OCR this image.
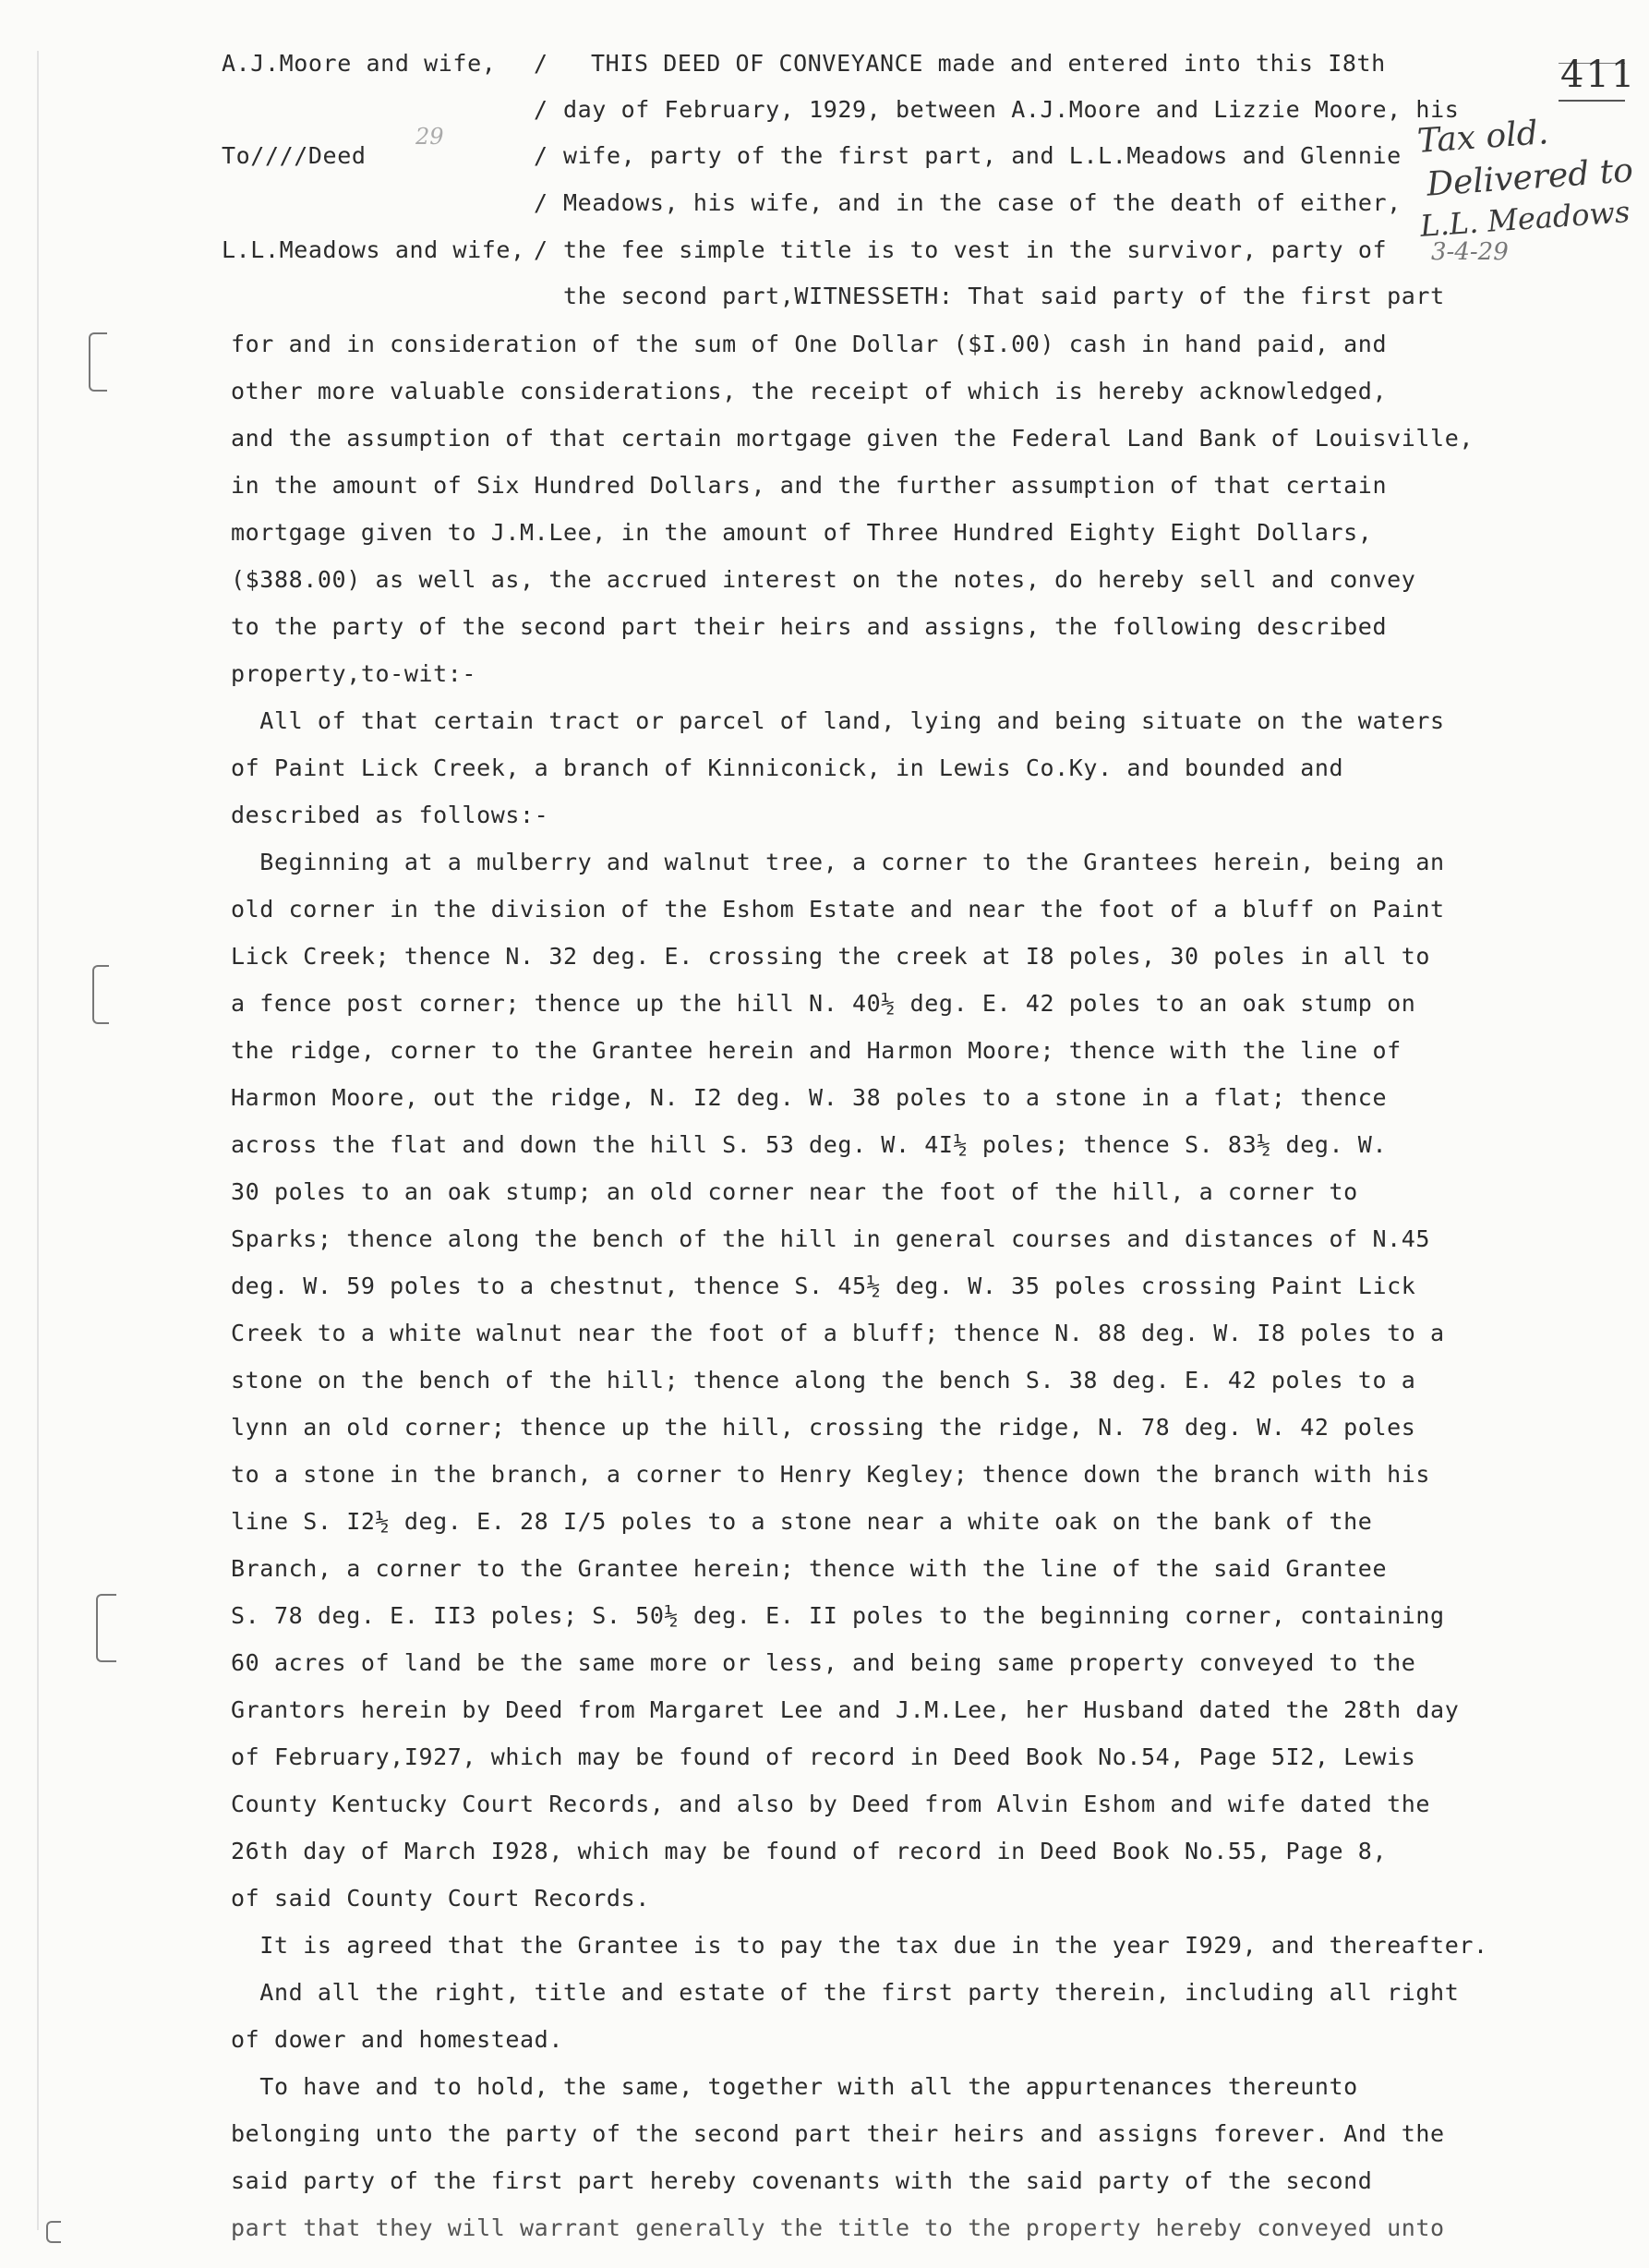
A.J.Moore and wife,
To////Deed
L.L.Meadows and wife,
29
/
/
/
/
/
THIS DEED OF CONVEYANCE made and entered into this I8th
day of February, 1929, between A.J.Moore and Lizzie Moore, his
wife, party of the first part, and L.L.Meadows and Glennie
Meadows, his wife, and in the case of the death of either,
the fee simple title is to vest in the survivor, party of
the second part,WITNESSETH: That said party of the first part
411
Tax old.
Delivered to
L.L. Meadows
3-4-29
for and in consideration of the sum of One Dollar ($I.00) cash in hand paid, and
other more valuable considerations, the receipt of which is hereby acknowledged,
and the assumption of that certain mortgage given the Federal Land Bank of Louisville,
in the amount of Six Hundred Dollars, and the further assumption of that certain
mortgage given to J.M.Lee, in the amount of Three Hundred Eighty Eight Dollars,
($388.00) as well as, the accrued interest on the notes, do hereby sell and convey
to the party of the second part their heirs and assigns, the following described
property,to-wit:-
All of that certain tract or parcel of land, lying and being situate on the waters
of Paint Lick Creek, a branch of Kinniconick, in Lewis Co.Ky. and bounded and
described as follows:-
Beginning at a mulberry and walnut tree, a corner to the Grantees herein, being an
old corner in the division of the Eshom Estate and near the foot of a bluff on Paint
Lick Creek; thence N. 32 deg. E. crossing the creek at I8 poles, 30 poles in all to
a fence post corner; thence up the hill N. 40½ deg. E. 42 poles to an oak stump on
the ridge, corner to the Grantee herein and Harmon Moore; thence with the line of
Harmon Moore, out the ridge, N. I2 deg. W. 38 poles to a stone in a flat; thence
across the flat and down the hill S. 53 deg. W. 4I½ poles; thence S. 83½ deg. W.
30 poles to an oak stump; an old corner near the foot of the hill, a corner to
Sparks; thence along the bench of the hill in general courses and distances of N.45
deg. W. 59 poles to a chestnut, thence S. 45½ deg. W. 35 poles crossing Paint Lick
Creek to a white walnut near the foot of a bluff; thence N. 88 deg. W. I8 poles to a
stone on the bench of the hill; thence along the bench S. 38 deg. E. 42 poles to a
lynn an old corner; thence up the hill, crossing the ridge, N. 78 deg. W. 42 poles
to a stone in the branch, a corner to Henry Kegley; thence down the branch with his
line S. I2½ deg. E. 28 I/5 poles to a stone near a white oak on the bank of the
Branch, a corner to the Grantee herein; thence with the line of the said Grantee
S. 78 deg. E. II3 poles; S. 50½ deg. E. II poles to the beginning corner, containing
60 acres of land be the same more or less, and being same property conveyed to the
Grantors herein by Deed from Margaret Lee and J.M.Lee, her Husband dated the 28th day
of February,I927, which may be found of record in Deed Book No.54, Page 5I2, Lewis
County Kentucky Court Records, and also by Deed from Alvin Eshom and wife dated the
26th day of March I928, which may be found of record in Deed Book No.55, Page 8,
of said County Court Records.
It is agreed that the Grantee is to pay the tax due in the year I929, and thereafter.
And all the right, title and estate of the first party therein, including all right
of dower and homestead.
To have and to hold, the same, together with all the appurtenances thereunto
belonging unto the party of the second part their heirs and assigns forever. And the
said party of the first part hereby covenants with the said party of the second
part that they will warrant generally the title to the property hereby conveyed unto
